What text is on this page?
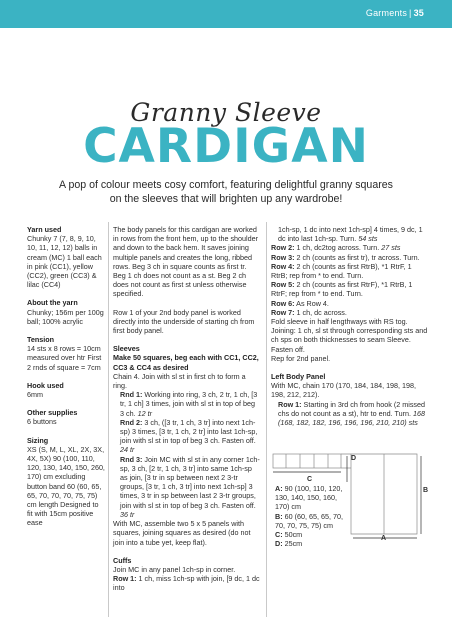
Garments | 35
Granny Sleeve
CARDIGAN
A pop of colour meets cosy comfort, featuring delightful granny squares on the sleeves that will brighten up any wardrobe!
Yarn used
Chunky 7 (7, 8, 9, 10, 10, 11, 12, 12) balls in cream (MC) 1 ball each in pink (CC1), yellow (CC2), green (CC3) & lilac (CC4)
About the yarn
Chunky; 156m per 100g ball; 100% acrylic
Tension
14 sts x 8 rows = 10cm measured over htr First 2 rnds of square = 7cm
Hook used
6mm
Other supplies
6 buttons
Sizing
XS (S, M, L, XL, 2X, 3X, 4X, 5X) 90 (100, 110, 120, 130, 140, 150, 260, 170) cm excluding button band 60 (60, 65, 65, 70, 70, 70, 75, 75) cm length Designed to fit with 15cm positive ease
The body panels for this cardigan are worked in rows from the front hem, up to the shoulder and down to the back hem. It saves joining multiple panels and creates the long, ribbed rows. Beg 3 ch in square counts as first tr. Beg 1 ch does not count as a st. Beg 2 ch does not count as first st unless otherwise specified.
Row 1 of your 2nd body panel is worked directly into the underside of starting ch from first body panel.
Sleeves
Make 50 squares, beg each with CC1, CC2, CC3 & CC4 as desired
Chain 4. Join with sl st in first ch to form a ring.
Rnd 1: Working into ring, 3 ch, 2 tr, 1 ch, [3 tr, 1 ch] 3 times, join with sl st in top of beg 3 ch. 12 tr
Rnd 2: 3 ch, ([3 tr, 1 ch, 3 tr] into next 1ch-sp) 3 times, [3 tr, 1 ch, 2 tr] into last 1ch-sp, join with sl st in top of beg 3 ch. Fasten off. 24 tr
Rnd 3: Join MC with sl st in any corner 1ch-sp, 3 ch, [2 tr, 1 ch, 3 tr] into same 1ch-sp as join, [3 tr in sp between next 2 3-tr groups, [3 tr, 1 ch, 3 tr] into next 1ch-sp] 3 times, 3 tr in sp between last 2 3-tr groups, join with sl st in top of beg 3 ch. Fasten off. 36 tr
With MC, assemble two 5 x 5 panels with squares, joining squares as desired (do not join into a tube yet, keep flat).
Cuffs
Join MC in any panel 1ch-sp in corner.
Row 1: 1 ch, miss 1ch-sp with join, [9 dc, 1 dc into
1ch-sp, 1 dc into next 1ch-sp] 4 times, 9 dc, 1 dc into last 1ch-sp. Turn. 54 sts
Row 2: 1 ch, dc2tog across. Turn. 27 sts
Row 3: 2 ch (counts as first tr), tr across. Turn.
Row 4: 2 ch (counts as first RtrB), *1 RtrF, 1 RtrB; rep from * to end. Turn.
Row 5: 2 ch (counts as first RtrF), *1 RtrB, 1 RtrF; rep from * to end. Turn.
Row 6: As Row 4.
Row 7: 1 ch, dc across.
Fold sleeve in half lengthways with RS tog. Joining: 1 ch, sl st through corresponding sts and ch sps on both thicknesses to seam Sleeve. Fasten off.
Rep for 2nd panel.
Left Body Panel
With MC, chain 170 (170, 184, 184, 198, 198, 198, 212, 212).
Row 1: Starting in 3rd ch from hook (2 missed chs do not count as a st), htr to end. Turn. 168 (168, 182, 182, 196, 196, 196, 210, 210) sts
C
D
B
A
A: 90 (100, 110, 120, 130, 140, 150, 160, 170) cm
B: 60 (60, 65, 65, 70, 70, 70, 75, 75) cm
C: 50cm
D: 25cm
